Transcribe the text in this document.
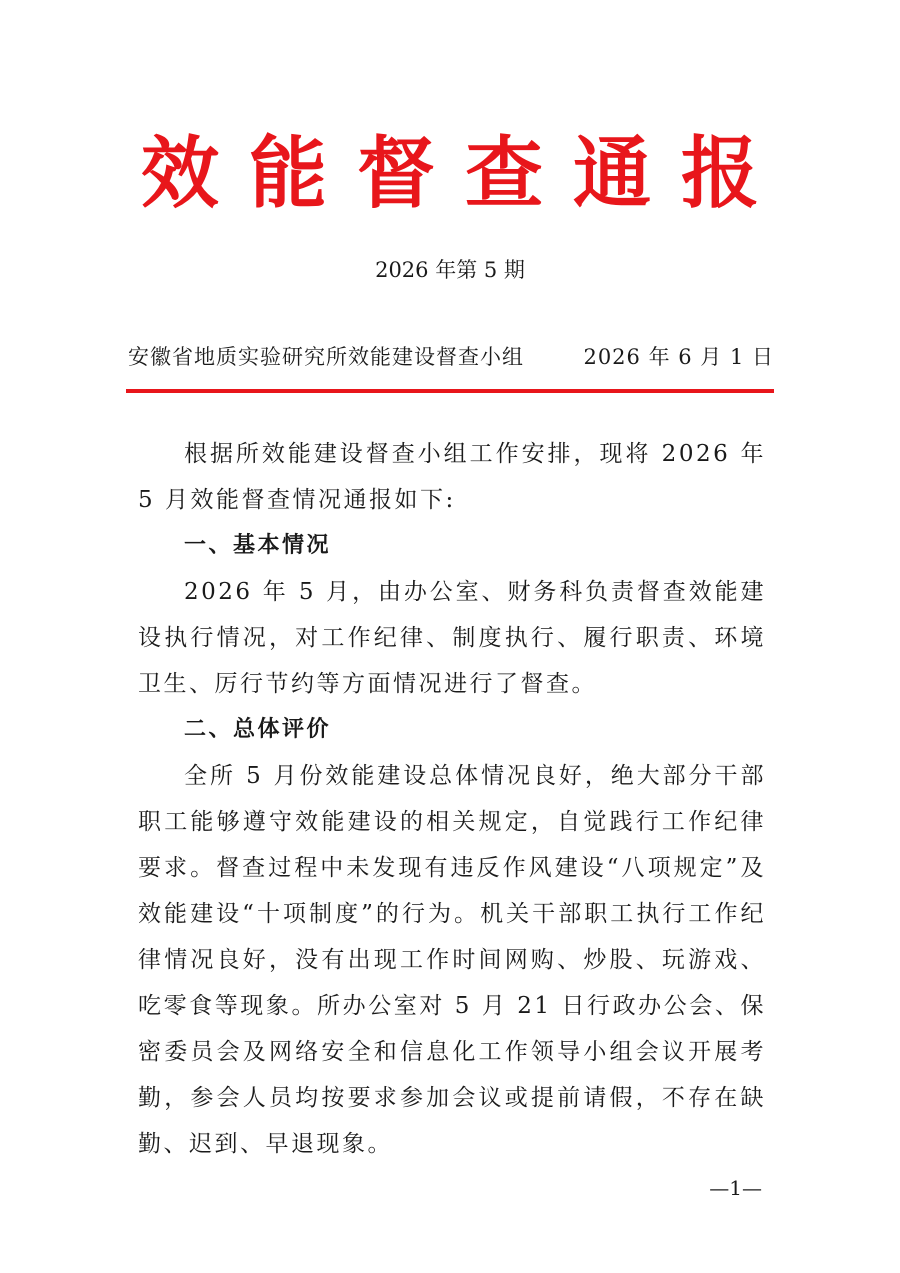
效能督查通报
2026 年第 5 期
安徽省地质实验研究所效能建设督查小组	2026 年 6 月 1 日

根据所效能建设督查小组工作安排，现将 2026 年 5 月效能督查情况通报如下:

一、基本情况

2026 年 5 月，由办公室、财务科负责督查效能建设执行情况，对工作纪律、制度执行、履行职责、环境卫生、厉行节约等方面情况进行了督查。

二、总体评价

全所 5 月份效能建设总体情况良好，绝大部分干部职工能够遵守效能建设的相关规定，自觉践行工作纪律要求。督查过程中未发现有违反作风建设“八项规定”及效能建设“十项制度”的行为。机关干部职工执行工作纪律情况良好，没有出现工作时间网购、炒股、玩游戏、吃零食等现象。所办公室对 5 月 21 日行政办公会、保密委员会及网络安全和信息化工作领导小组会议开展考勤，参会人员均按要求参加会议或提前请假，不存在缺勤、迟到、早退现象。

—1—
